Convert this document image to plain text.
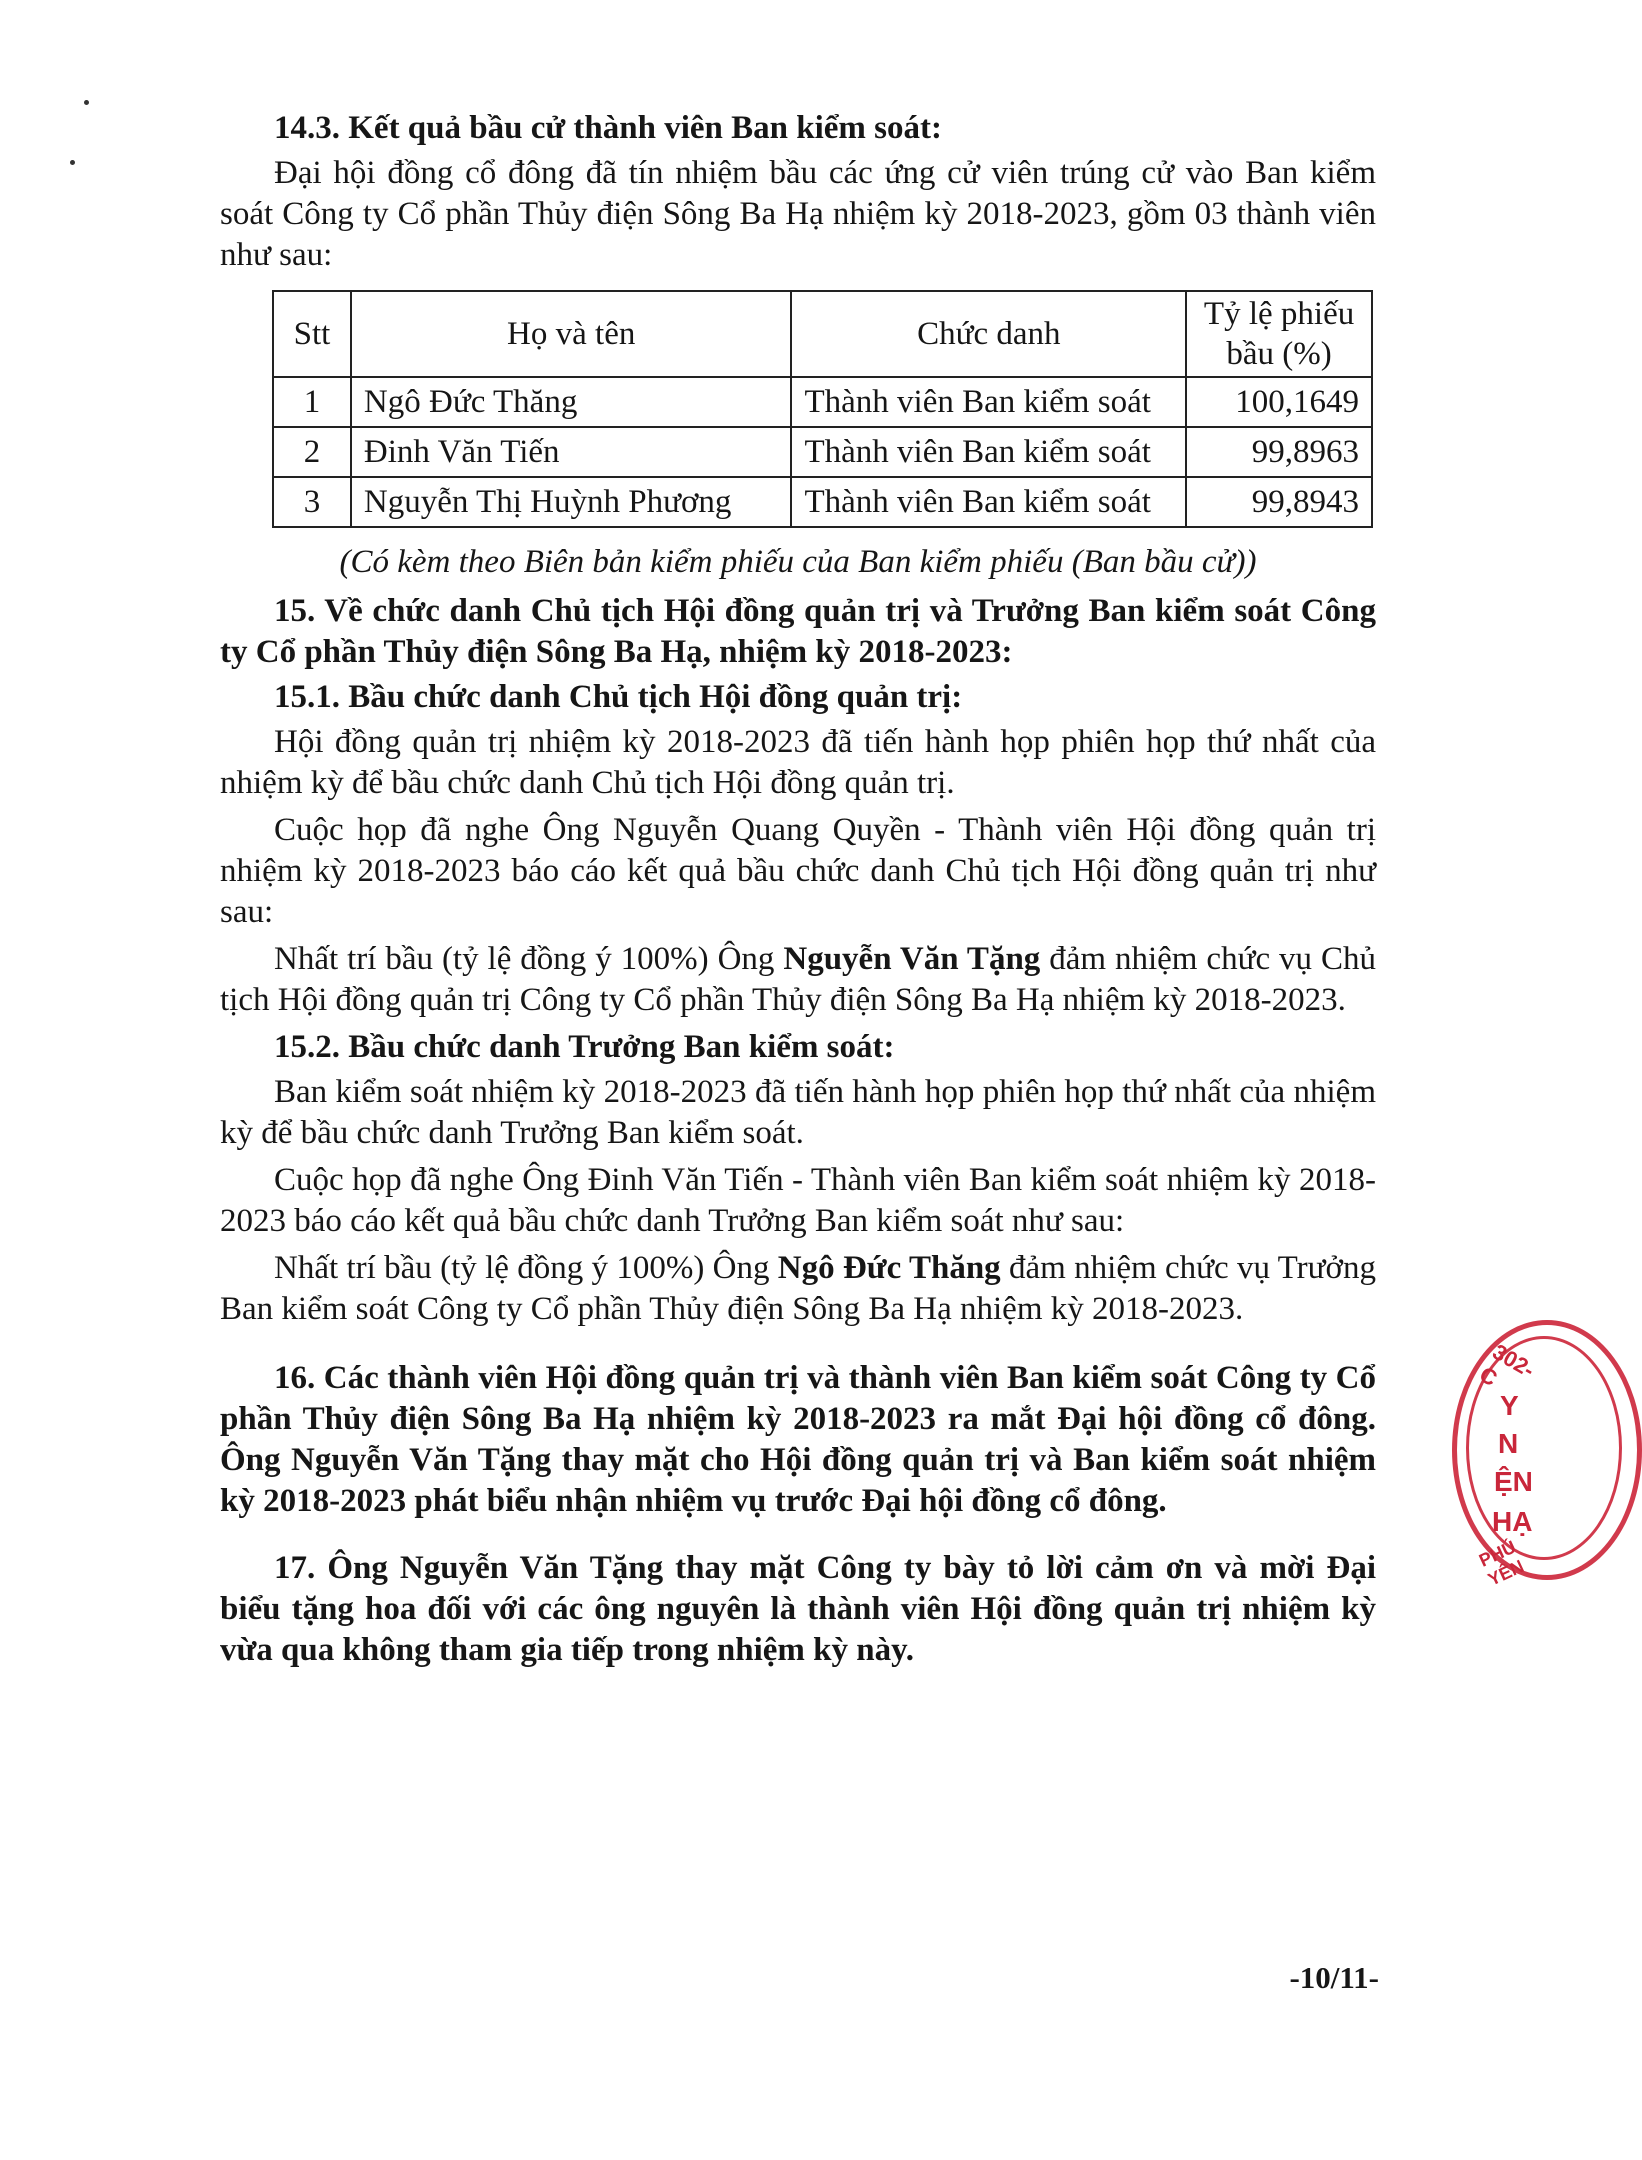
14.3. Kết quả bầu cử thành viên Ban kiểm soát:

Đại hội đồng cổ đông đã tín nhiệm bầu các ứng cử viên trúng cử vào Ban kiểm soát Công ty Cổ phần Thủy điện Sông Ba Hạ nhiệm kỳ 2018-2023, gồm 03 thành viên như sau:

Stt	Họ và tên	Chức danh	Tỷ lệ phiếu bầu (%)
1	Ngô Đức Thăng	Thành viên Ban kiểm soát	100,1649
2	Đinh Văn Tiến	Thành viên Ban kiểm soát	99,8963
3	Nguyễn Thị Huỳnh Phương	Thành viên Ban kiểm soát	99,8943

(Có kèm theo Biên bản kiểm phiếu của Ban kiểm phiếu (Ban bầu cử))

15. Về chức danh Chủ tịch Hội đồng quản trị và Trưởng Ban kiểm soát Công ty Cổ phần Thủy điện Sông Ba Hạ, nhiệm kỳ 2018-2023:

15.1. Bầu chức danh Chủ tịch Hội đồng quản trị:

Hội đồng quản trị nhiệm kỳ 2018-2023 đã tiến hành họp phiên họp thứ nhất của nhiệm kỳ để bầu chức danh Chủ tịch Hội đồng quản trị.

Cuộc họp đã nghe Ông Nguyễn Quang Quyền - Thành viên Hội đồng quản trị nhiệm kỳ 2018-2023 báo cáo kết quả bầu chức danh Chủ tịch Hội đồng quản trị như sau:

Nhất trí bầu (tỷ lệ đồng ý 100%) Ông Nguyễn Văn Tặng đảm nhiệm chức vụ Chủ tịch Hội đồng quản trị Công ty Cổ phần Thủy điện Sông Ba Hạ nhiệm kỳ 2018-2023.

15.2. Bầu chức danh Trưởng Ban kiểm soát:

Ban kiểm soát nhiệm kỳ 2018-2023 đã tiến hành họp phiên họp thứ nhất của nhiệm kỳ để bầu chức danh Trưởng Ban kiểm soát.

Cuộc họp đã nghe Ông Đinh Văn Tiến - Thành viên Ban kiểm soát nhiệm kỳ 2018-2023 báo cáo kết quả bầu chức danh Trưởng Ban kiểm soát như sau:

Nhất trí bầu (tỷ lệ đồng ý 100%) Ông Ngô Đức Thăng đảm nhiệm chức vụ Trưởng Ban kiểm soát Công ty Cổ phần Thủy điện Sông Ba Hạ nhiệm kỳ 2018-2023.

16. Các thành viên Hội đồng quản trị và thành viên Ban kiểm soát Công ty Cổ phần Thủy điện Sông Ba Hạ nhiệm kỳ 2018-2023 ra mắt Đại hội đồng cổ đông. Ông Nguyễn Văn Tặng thay mặt cho Hội đồng quản trị và Ban kiểm soát nhiệm kỳ 2018-2023 phát biểu nhận nhiệm vụ trước Đại hội đồng cổ đông.

17. Ông Nguyễn Văn Tặng thay mặt Công ty bày tỏ lời cảm ơn và mời Đại biểu tặng hoa đối với các ông nguyên là thành viên Hội đồng quản trị nhiệm kỳ vừa qua không tham gia tiếp trong nhiệm kỳ này.

-10/11-
302-C
Y
N
ỆN
HẠ
PHÚ YÊN
